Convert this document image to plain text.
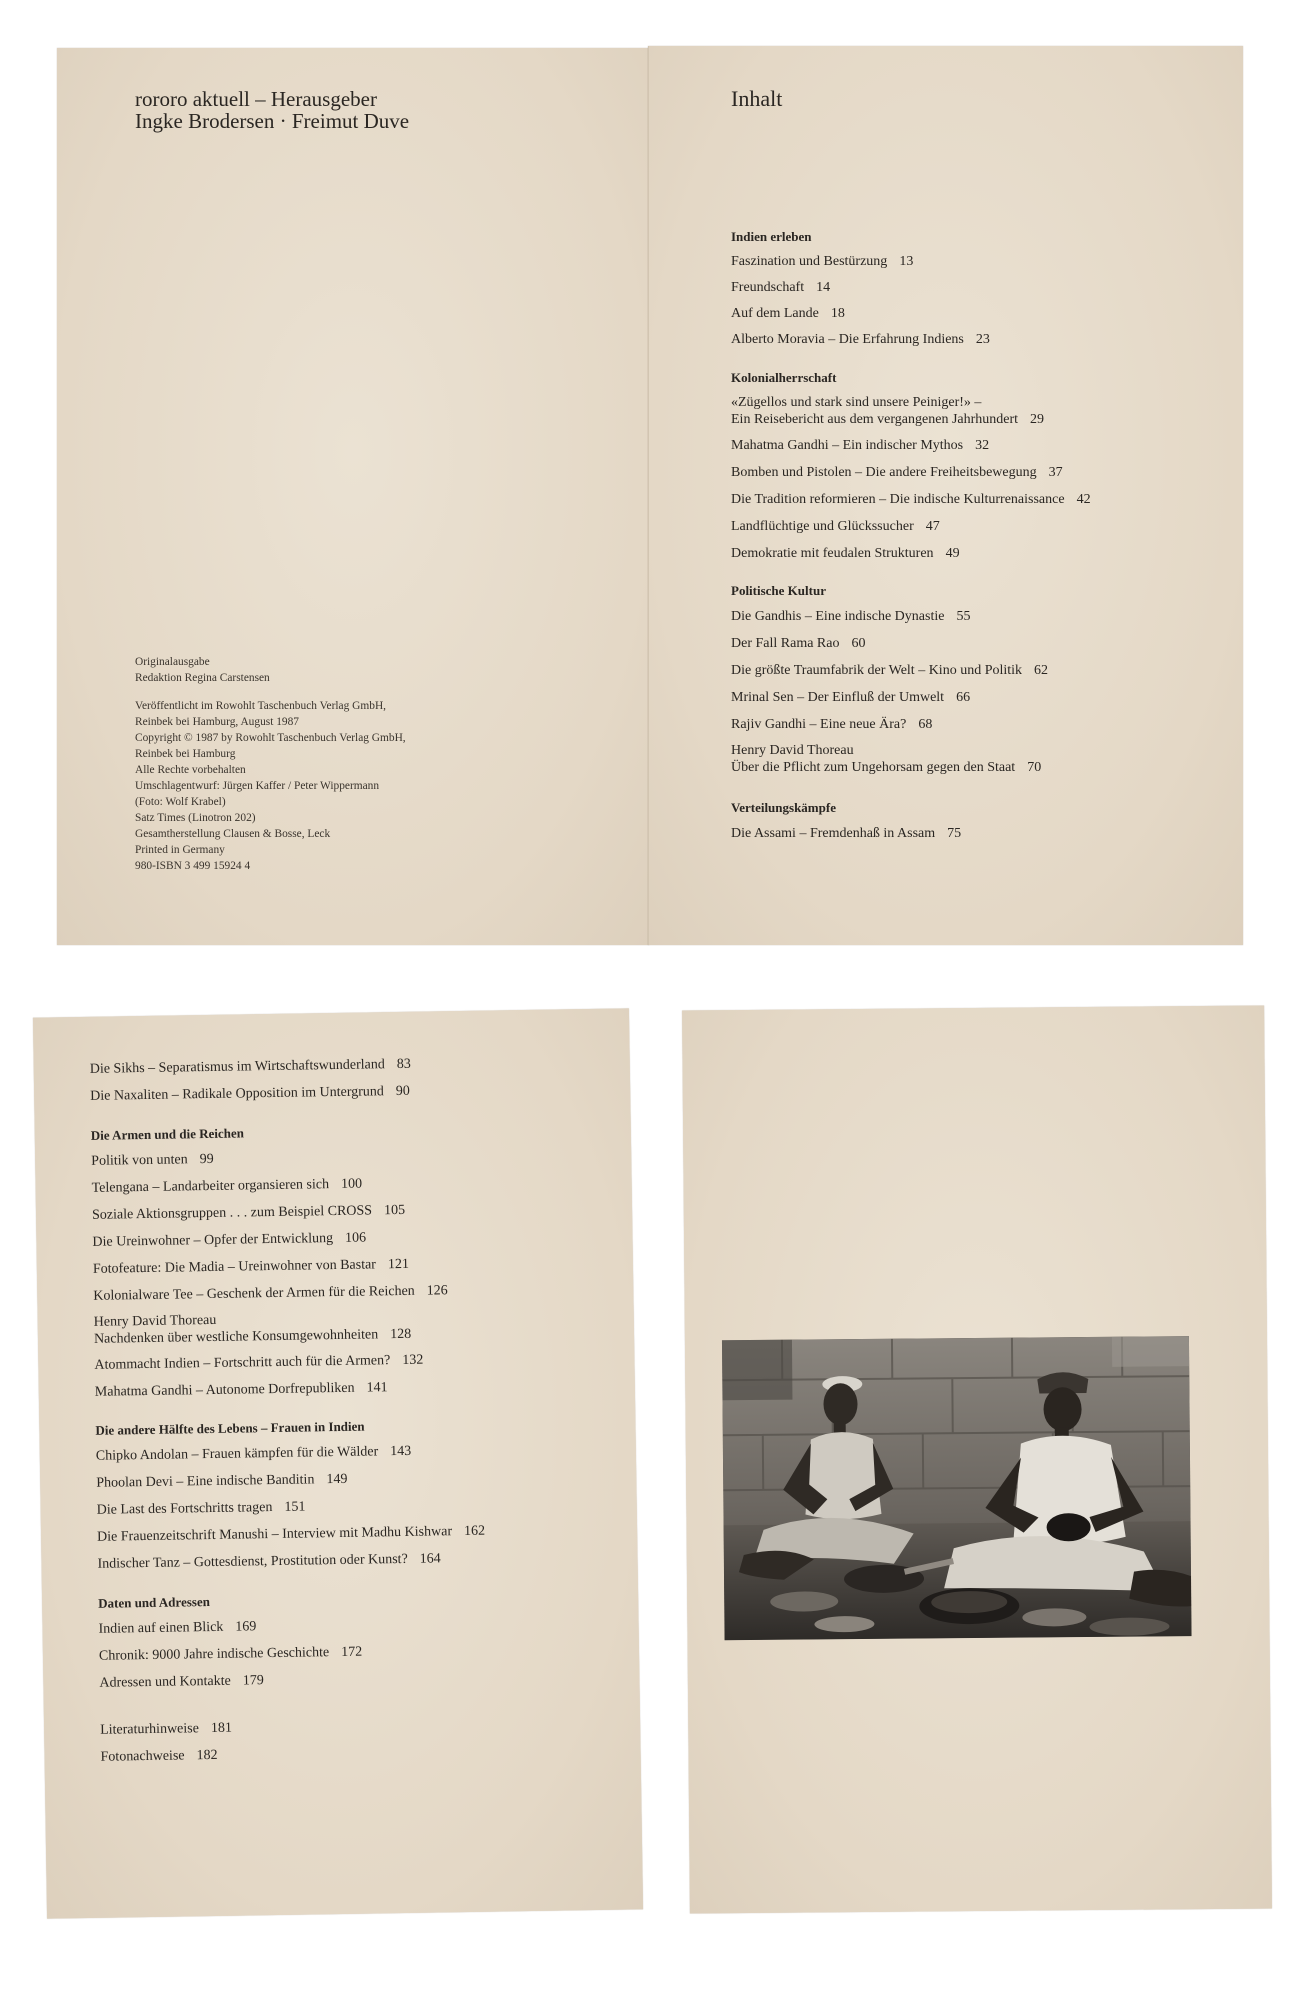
rororo aktuell – Herausgeber
Ingke Brodersen · Freimut Duve
Originalausgabe
Redaktion Regina Carstensen
Veröffentlicht im Rowohlt Taschenbuch Verlag GmbH,
Reinbek bei Hamburg, August 1987
Copyright © 1987 by Rowohlt Taschenbuch Verlag GmbH,
Reinbek bei Hamburg
Alle Rechte vorbehalten
Umschlagentwurf: Jürgen Kaffer / Peter Wippermann
(Foto: Wolf Krabel)
Satz Times (Linotron 202)
Gesamtherstellung Clausen & Bosse, Leck
Printed in Germany
980-ISBN 3 499 15924 4
Inhalt
Indien erleben
Faszination und Bestürzung 13
Freundschaft 14
Auf dem Lande 18
Alberto Moravia – Die Erfahrung Indiens 23
Kolonialherrschaft
«Zügellos und stark sind unsere Peiniger!» –
Ein Reisebericht aus dem vergangenen Jahrhundert 29
Mahatma Gandhi – Ein indischer Mythos 32
Bomben und Pistolen – Die andere Freiheitsbewegung 37
Die Tradition reformieren – Die indische Kulturrenaissance 42
Landflüchtige und Glückssucher 47
Demokratie mit feudalen Strukturen 49
Politische Kultur
Die Gandhis – Eine indische Dynastie 55
Der Fall Rama Rao 60
Die größte Traumfabrik der Welt – Kino und Politik 62
Mrinal Sen – Der Einfluß der Umwelt 66
Rajiv Gandhi – Eine neue Ära? 68
Henry David Thoreau
Über die Pflicht zum Ungehorsam gegen den Staat 70
Verteilungskämpfe
Die Assami – Fremdenhaß in Assam 75
Die Sikhs – Separatismus im Wirtschaftswunderland 83
Die Naxaliten – Radikale Opposition im Untergrund 90
Die Armen und die Reichen
Politik von unten 99
Telengana – Landarbeiter organsieren sich 100
Soziale Aktionsgruppen . . . zum Beispiel CROSS 105
Die Ureinwohner – Opfer der Entwicklung 106
Fotofeature: Die Madia – Ureinwohner von Bastar 121
Kolonialware Tee – Geschenk der Armen für die Reichen 126
Henry David Thoreau
Nachdenken über westliche Konsumgewohnheiten 128
Atommacht Indien – Fortschritt auch für die Armen? 132
Mahatma Gandhi – Autonome Dorfrepubliken 141
Die andere Hälfte des Lebens – Frauen in Indien
Chipko Andolan – Frauen kämpfen für die Wälder 143
Phoolan Devi – Eine indische Banditin 149
Die Last des Fortschritts tragen 151
Die Frauenzeitschrift Manushi – Interview mit Madhu Kishwar 162
Indischer Tanz – Gottesdienst, Prostitution oder Kunst? 164
Daten und Adressen
Indien auf einen Blick 169
Chronik: 9000 Jahre indische Geschichte 172
Adressen und Kontakte 179
Literaturhinweise 181
Fotonachweise 182
